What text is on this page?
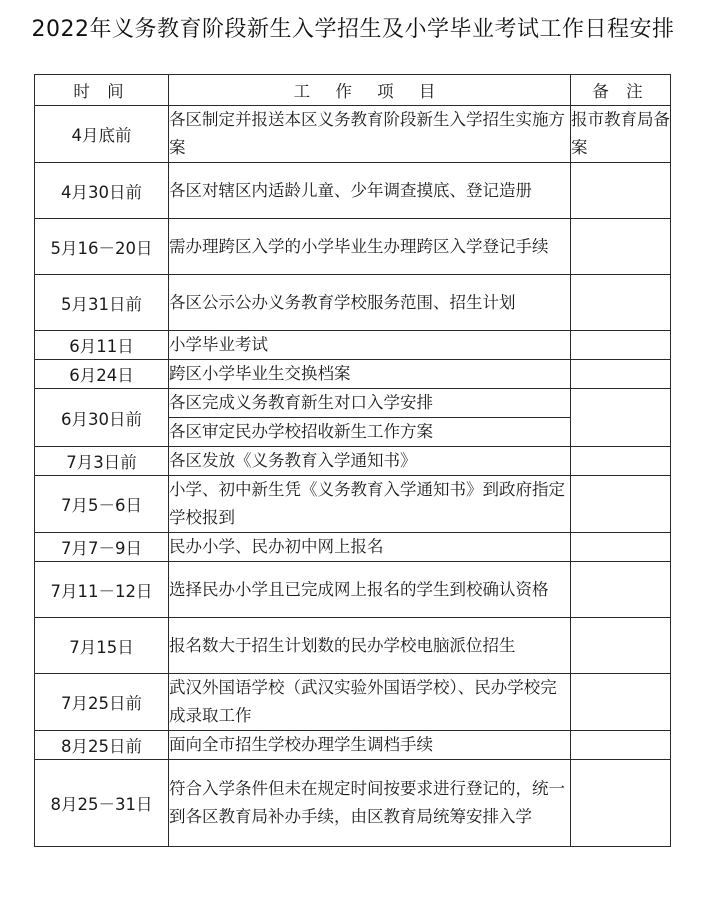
2022年义务教育阶段新生入学招生及小学毕业考试工作日程安排
时 间	工 作 项 目	备 注
4月底前	各区制定并报送本区义务教育阶段新生入学招生实施方案	报市教育局备案
4月30日前	各区对辖区内适龄儿童、少年调查摸底、登记造册	
5月16－20日	需办理跨区入学的小学毕业生办理跨区入学登记手续	
5月31日前	各区公示公办义务教育学校服务范围、招生计划	
6月11日	小学毕业考试	
6月24日	跨区小学毕业生交换档案	
6月30日前	各区完成义务教育新生对口入学安排	
	各区审定民办学校招收新生工作方案	
7月3日前	各区发放《义务教育入学通知书》	
7月5－6日	小学、初中新生凭《义务教育入学通知书》到政府指定学校报到	
7月7－9日	民办小学、民办初中网上报名	
7月11－12日	选择民办小学且已完成网上报名的学生到校确认资格	
7月15日	报名数大于招生计划数的民办学校电脑派位招生	
7月25日前	武汉外国语学校（武汉实验外国语学校）、民办学校完成录取工作	
8月25日前	面向全市招生学校办理学生调档手续	
8月25－31日	符合入学条件但未在规定时间按要求进行登记的，统一到各区教育局补办手续，由区教育局统筹安排入学	
